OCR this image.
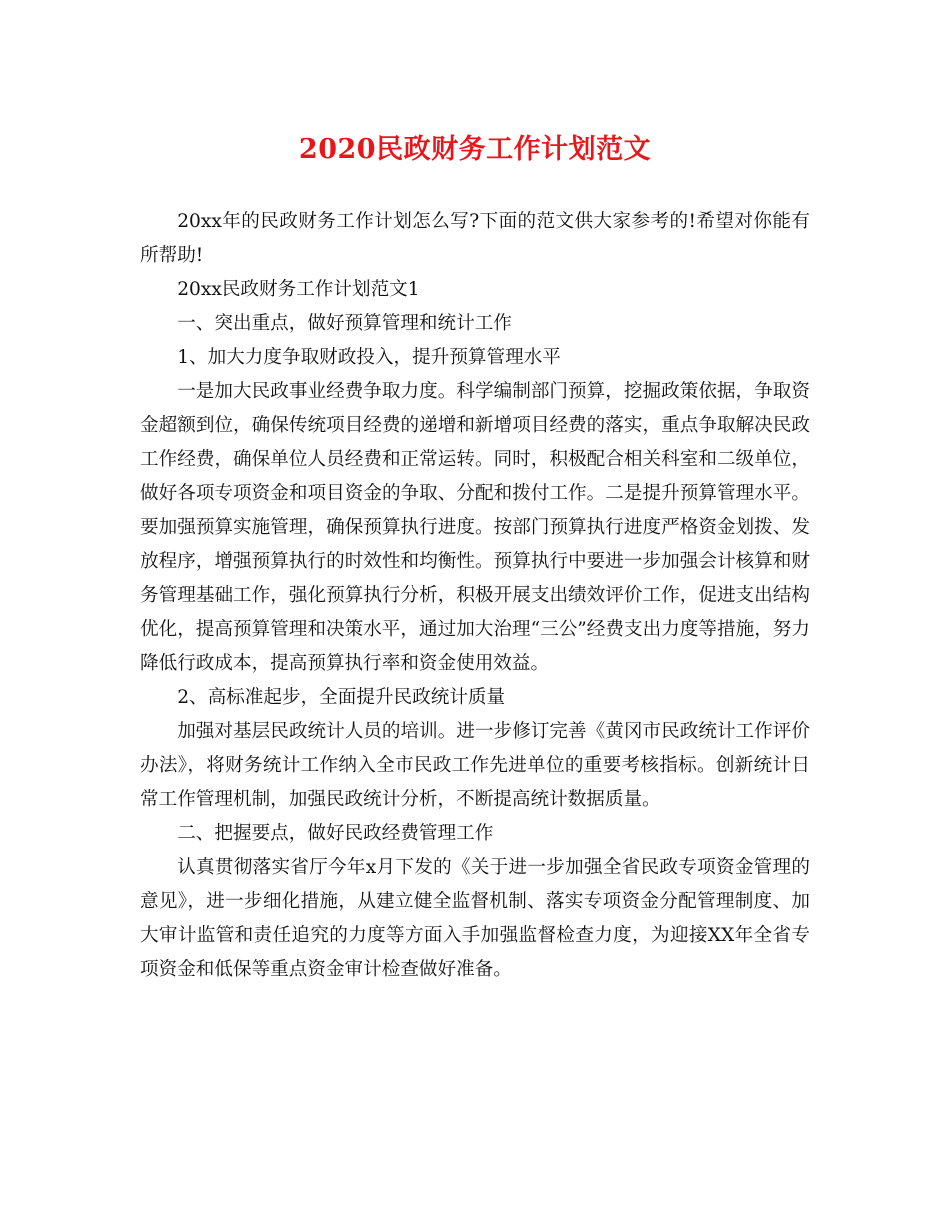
2020民政财务工作计划范文

20xx年的民政财务工作计划怎么写?下面的范文供大家参考的!希望对你能有所帮助!

20xx民政财务工作计划范文1

一、突出重点，做好预算管理和统计工作

1、加大力度争取财政投入，提升预算管理水平

一是加大民政事业经费争取力度。科学编制部门预算，挖掘政策依据，争取资金超额到位，确保传统项目经费的递增和新增项目经费的落实，重点争取解决民政工作经费，确保单位人员经费和正常运转。同时，积极配合相关科室和二级单位，做好各项专项资金和项目资金的争取、分配和拨付工作。二是提升预算管理水平。要加强预算实施管理，确保预算执行进度。按部门预算执行进度严格资金划拨、发放程序，增强预算执行的时效性和均衡性。预算执行中要进一步加强会计核算和财务管理基础工作，强化预算执行分析，积极开展支出绩效评价工作，促进支出结构优化，提高预算管理和决策水平，通过加大治理“三公”经费支出力度等措施，努力降低行政成本，提高预算执行率和资金使用效益。

2、高标准起步，全面提升民政统计质量

加强对基层民政统计人员的培训。进一步修订完善《黄冈市民政统计工作评价办法》，将财务统计工作纳入全市民政工作先进单位的重要考核指标。创新统计日常工作管理机制，加强民政统计分析，不断提高统计数据质量。

二、把握要点，做好民政经费管理工作

认真贯彻落实省厅今年x月下发的《关于进一步加强全省民政专项资金管理的意见》，进一步细化措施，从建立健全监督机制、落实专项资金分配管理制度、加大审计监管和责任追究的力度等方面入手加强监督检查力度，为迎接XX年全省专项资金和低保等重点资金审计检查做好准备。
